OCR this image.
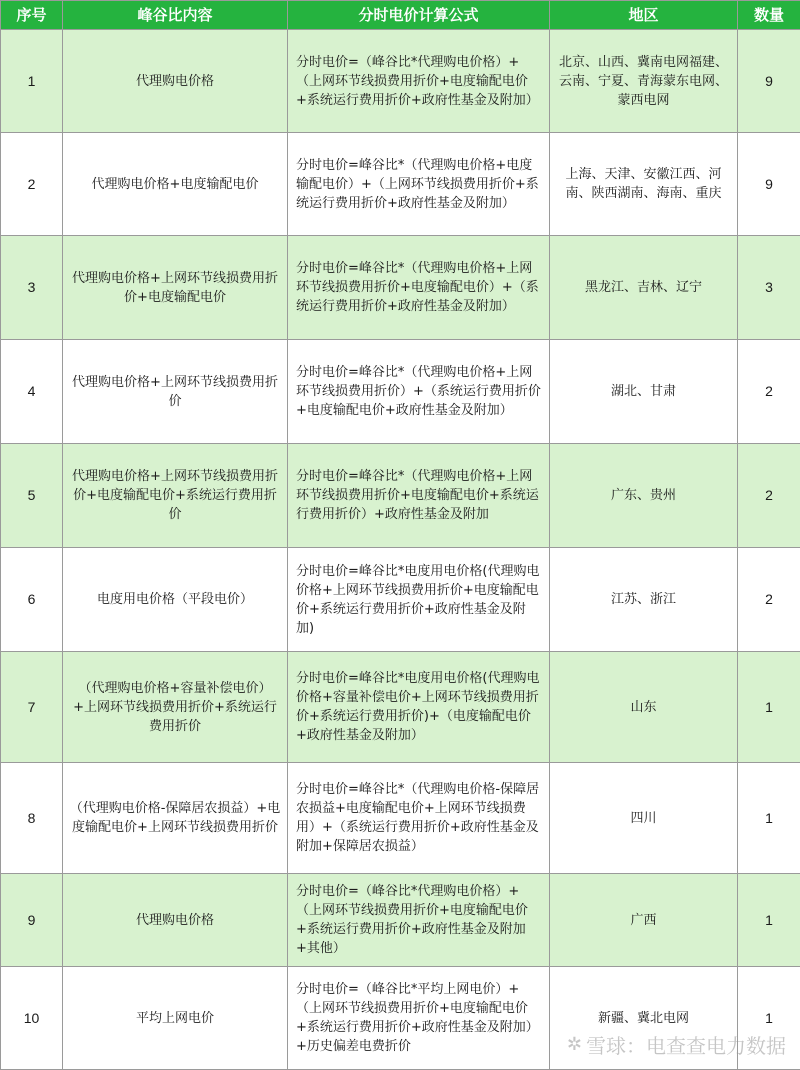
序号	峰谷比内容	分时电价计算公式	地区	数量
1	代理购电价格	分时电价=（峰谷比*代理购电价格）+（上网环节线损费用折价+电度输配电价+系统运行费用折价+政府性基金及附加）	北京、山西、冀南电网福建、云南、宁夏、青海蒙东电网、蒙西电网	9
2	代理购电价格+电度输配电价	分时电价=峰谷比*（代理购电价格+电度输配电价）+（上网环节线损费用折价+系统运行费用折价+政府性基金及附加）	上海、天津、安徽江西、河南、陕西湖南、海南、重庆	9
3	代理购电价格+上网环节线损费用折价+电度输配电价	分时电价=峰谷比*（代理购电价格+上网环节线损费用折价+电度输配电价）+（系统运行费用折价+政府性基金及附加）	黑龙江、吉林、辽宁	3
4	代理购电价格+上网环节线损费用折价	分时电价=峰谷比*（代理购电价格+上网环节线损费用折价）+（系统运行费用折价+电度输配电价+政府性基金及附加）	湖北、甘肃	2
5	代理购电价格+上网环节线损费用折价+电度输配电价+系统运行费用折价	分时电价=峰谷比*（代理购电价格+上网环节线损费用折价+电度输配电价+系统运行费用折价）+政府性基金及附加	广东、贵州	2
6	电度用电价格（平段电价）	分时电价=峰谷比*电度用电价格(代理购电价格+上网环节线损费用折价+电度输配电价+系统运行费用折价+政府性基金及附加)	江苏、浙江	2
7	（代理购电价格+容量补偿电价）+上网环节线损费用折价+系统运行费用折价	分时电价=峰谷比*电度用电价格(代理购电价格+容量补偿电价+上网环节线损费用折价+系统运行费用折价)+（电度输配电价+政府性基金及附加）	山东	1
8	（代理购电价格-保障居农损益）+电度输配电价+上网环节线损费用折价	分时电价=峰谷比*（代理购电价格-保障居农损益+电度输配电价+上网环节线损费用）+（系统运行费用折价+政府性基金及附加+保障居农损益）	四川	1
9	代理购电价格	分时电价=（峰谷比*代理购电价格）+（上网环节线损费用折价+电度输配电价+系统运行费用折价+政府性基金及附加+其他）	广西	1
10	平均上网电价	分时电价=（峰谷比*平均上网电价）+（上网环节线损费用折价+电度输配电价+系统运行费用折价+政府性基金及附加）+历史偏差电费折价	新疆、冀北电网	1
✲ 雪球：电查查电力数据
